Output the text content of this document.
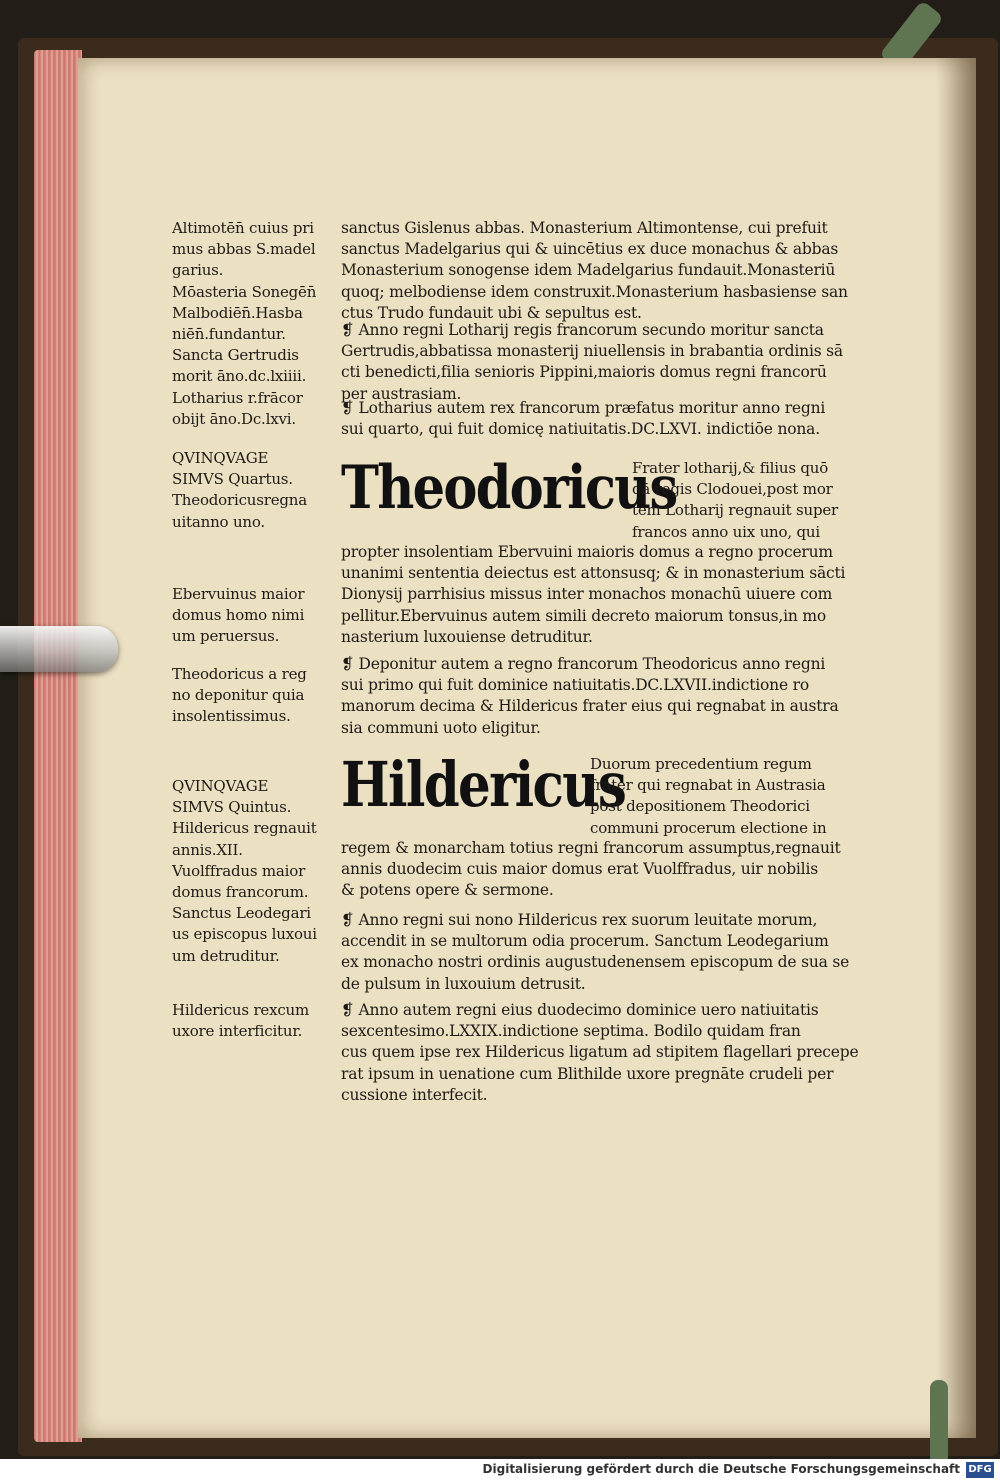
Altimotēn̄ cuius pri
mus abbas S.madel
garius.
Mōasteria Sonegēn̄
Malbodiēn̄.Hasba
niēn̄.fundantur.
Sancta Gertrudis
morit āno.dc.lxiiii.
Lotharius r.frācor
obijt āno.Dc.lxvi.
QVINQVAGE
SIMVS Quartus.
Theodoricusregna
uitanno uno.
Ebervuinus maior
domus homo nimi
um peruersus.
Theodoricus a reg
no deponitur quia
insolentissimus.
QVINQVAGE
SIMVS Quintus.
Hildericus regnauit
annis.XII.
Vuolffradus maior
domus francorum.
Sanctus Leodegari
us episcopus luxoui
um detruditur.
Hildericus rexcum
uxore interficitur.
sanctus Gislenus abbas. Monasterium Altimontense, cui prefuit
sanctus Madelgarius qui & uincētius ex duce monachus & abbas
Monasterium sonogense idem Madelgarius fundauit.Monasteriū
quoq; melbodiense idem construxit.Monasterium hasbasiense san
ctus Trudo fundauit ubi & sepultus est.
❡ Anno regni Lotharij regis francorum secundo moritur sancta
Gertrudis,abbatissa monasterij niuellensis in brabantia ordinis sā
cti benedicti,filia senioris Pippini,maioris domus regni francorū
per austrasiam.
❡ Lotharius autem rex francorum præfatus moritur anno regni
sui quarto, qui fuit domicę natiuitatis.DC.LXVI. indictiōe nona.
Theodoricus
Frater lotharij,& filius quō
dā regis Clodouei,post mor
tem Lotharij regnauit super
francos anno uix uno, qui
propter insolentiam Ebervuini maioris domus a regno procerum
unanimi sententia deiectus est attonsusq; & in monasterium sācti
Dionysij parrhisius missus inter monachos monachū uiuere com
pellitur.Ebervuinus autem simili decreto maiorum tonsus,in mo
nasterium luxouiense detruditur.
❡ Deponitur autem a regno francorum Theodoricus anno regni
sui primo qui fuit dominice natiuitatis.DC.LXVII.indictione ro
manorum decima & Hildericus frater eius qui regnabat in austra
sia communi uoto eligitur.
Hildericus
Duorum precedentium regum
frater qui regnabat in Austrasia
post depositionem Theodorici
communi procerum electione in
regem & monarcham totius regni francorum assumptus,regnauit
annis duodecim cuis maior domus erat Vuolffradus, uir nobilis
& potens opere & sermone.
❡ Anno regni sui nono Hildericus rex suorum leuitate morum,
accendit in se multorum odia procerum. Sanctum Leodegarium
ex monacho nostri ordinis augustudenensem episcopum de sua se
de pulsum in luxouium detrusit.
❡ Anno autem regni eius duodecimo dominice uero natiuitatis
sexcentesimo.LXXIX.indictione septima. Bodilo quidam fran
cus quem ipse rex Hildericus ligatum ad stipitem flagellari precepe
rat ipsum in uenatione cum Blithilde uxore pregnāte crudeli per
cussione interfecit.
Digitalisierung gefördert durch die Deutsche Forschungsgemeinschaft DFG
